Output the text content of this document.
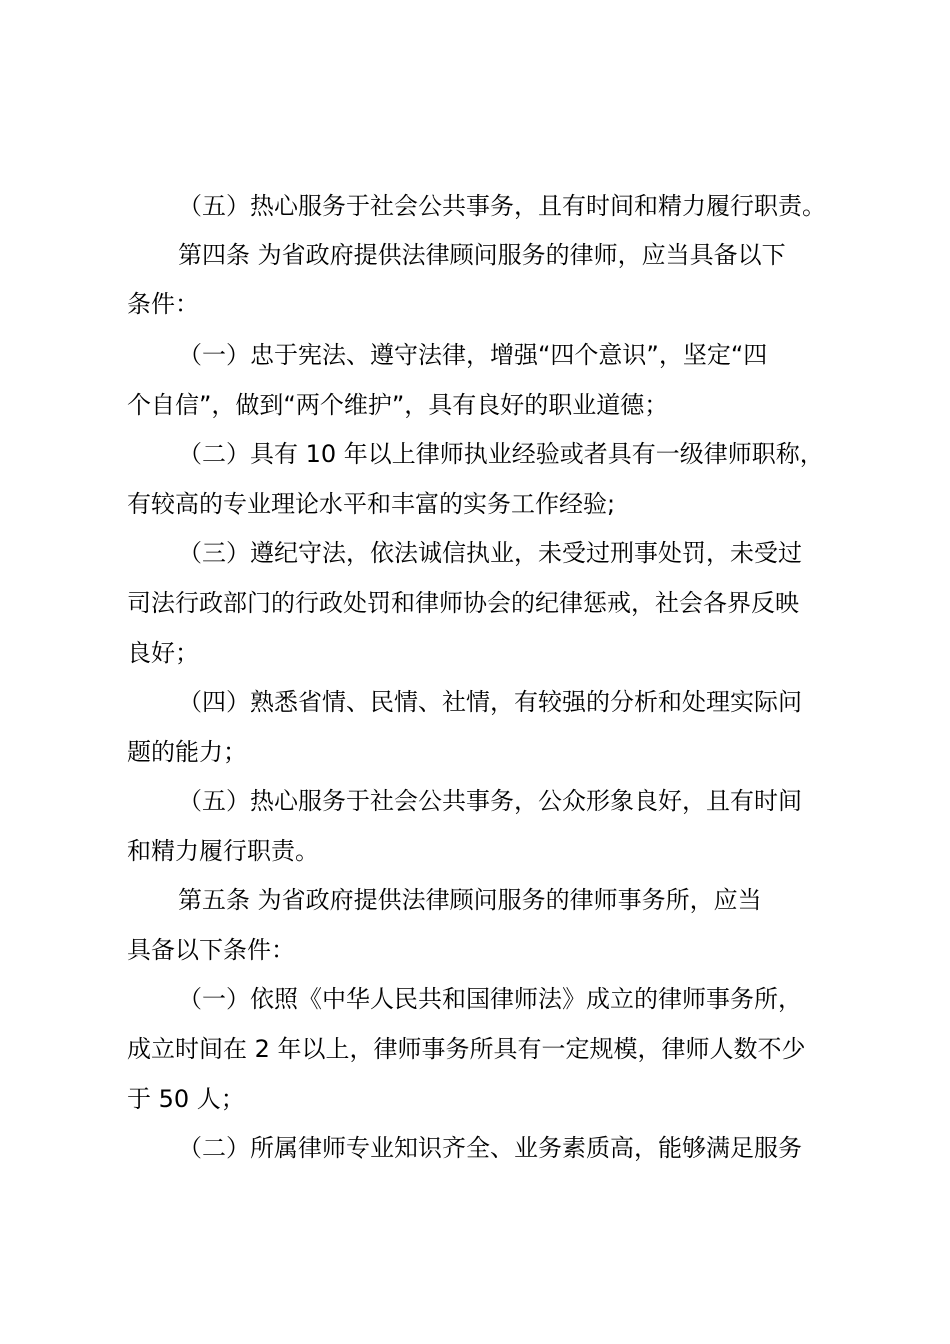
（五）热心服务于社会公共事务，且有时间和精力履行职责。
第四条 为省政府提供法律顾问服务的律师，应当具备以下
条件：
（一）忠于宪法、遵守法律，增强“四个意识”，坚定“四
个自信”，做到“两个维护”，具有良好的职业道德；
（二）具有 10 年以上律师执业经验或者具有一级律师职称，
有较高的专业理论水平和丰富的实务工作经验;
（三）遵纪守法，依法诚信执业，未受过刑事处罚，未受过
司法行政部门的行政处罚和律师协会的纪律惩戒，社会各界反映
良好；
（四）熟悉省情、民情、社情，有较强的分析和处理实际问
题的能力；
（五）热心服务于社会公共事务，公众形象良好，且有时间
和精力履行职责。
第五条 为省政府提供法律顾问服务的律师事务所，应当
具备以下条件：
（一）依照《中华人民共和国律师法》成立的律师事务所，
成立时间在 2 年以上，律师事务所具有一定规模，律师人数不少
于 50 人；
（二）所属律师专业知识齐全、业务素质高，能够满足服务
